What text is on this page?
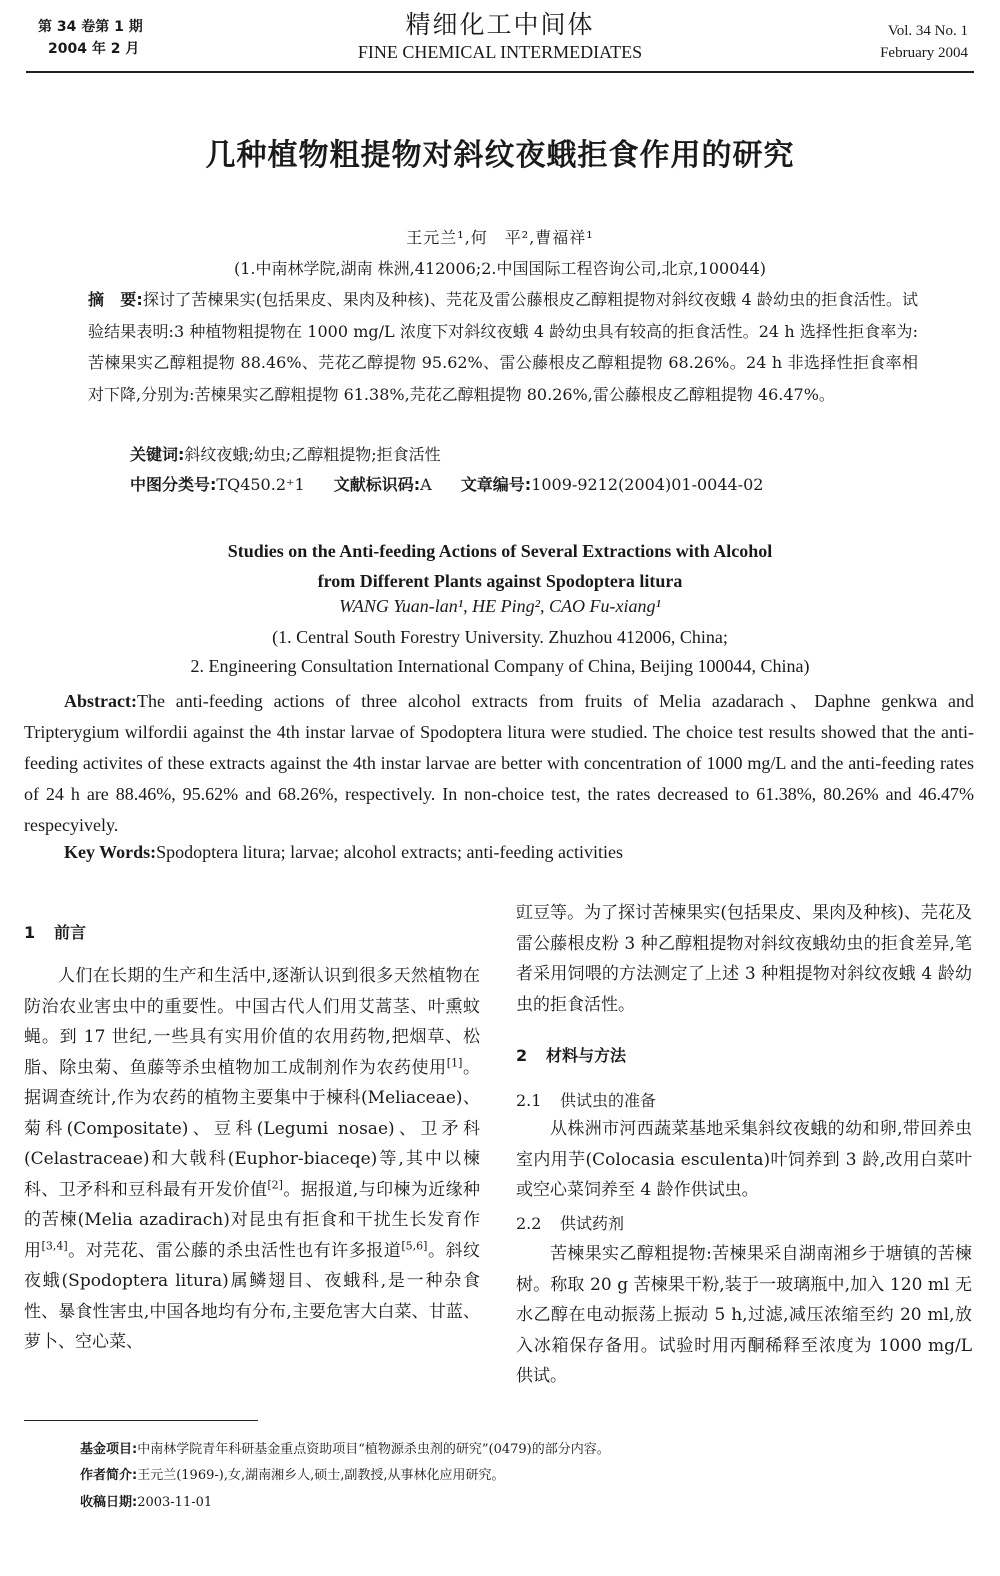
第 34 卷第 1 期
2004 年 2 月
精细化工中间体
FINE CHEMICAL INTERMEDIATES
Vol. 34 No. 1
February 2004
几种植物粗提物对斜纹夜蛾拒食作用的研究
王元兰¹,何　平²,曹福祥¹
(1.中南林学院,湖南 株洲,412006;2.中国国际工程咨询公司,北京,100044)
摘　要:探讨了苦楝果实(包括果皮、果肉及种核)、芫花及雷公藤根皮乙醇粗提物对斜纹夜蛾 4 龄幼虫的拒食活性。试验结果表明:3 种植物粗提物在 1000 mg/L 浓度下对斜纹夜蛾 4 龄幼虫具有较高的拒食活性。24 h 选择性拒食率为:苦楝果实乙醇粗提物 88.46%、芫花乙醇提物 95.62%、雷公藤根皮乙醇粗提物 68.26%。24 h 非选择性拒食率相对下降,分别为:苦楝果实乙醇粗提物 61.38%,芫花乙醇粗提物 80.26%,雷公藤根皮乙醇粗提物 46.47%。
关键词:斜纹夜蛾;幼虫;乙醇粗提物;拒食活性
中图分类号:TQ450.2⁺1 文献标识码:A 文章编号:1009-9212(2004)01-0044-02
Studies on the Anti-feeding Actions of Several Extractions with Alcohol
from Different Plants against Spodoptera litura
WANG Yuan-lan¹, HE Ping², CAO Fu-xiang¹
(1. Central South Forestry University. Zhuzhou 412006, China;
2. Engineering Consultation International Company of China, Beijing 100044, China)
Abstract:The anti-feeding actions of three alcohol extracts from fruits of Melia azadarach、Daphne genkwa and Tripterygium wilfordii against the 4th instar larvae of Spodoptera litura were studied. The choice test results showed that the anti-feeding activites of these extracts against the 4th instar larvae are better with concentration of 1000 mg/L and the anti-feeding rates of 24 h are 88.46%, 95.62% and 68.26%, respectively. In non-choice test, the rates decreased to 61.38%, 80.26% and 46.47% respecyively.
Key Words:Spodoptera litura; larvae; alcohol extracts; anti-feeding activities
1 前言
人们在长期的生产和生活中,逐渐认识到很多天然植物在防治农业害虫中的重要性。中国古代人们用艾蒿茎、叶熏蚊蝇。到 17 世纪,一些具有实用价值的农用药物,把烟草、松脂、除虫菊、鱼藤等杀虫植物加工成制剂作为农药使用[1]。据调查统计,作为农药的植物主要集中于楝科(Meliaceae)、菊科(Compositate)、豆科(Legumi nosae)、卫矛科(Celastraceae)和大戟科(Euphor-biaceqe)等,其中以楝科、卫矛科和豆科最有开发价值[2]。据报道,与印楝为近缘种的苦楝(Melia azadirach)对昆虫有拒食和干扰生长发育作用[3,4]。对芫花、雷公藤的杀虫活性也有许多报道[5,6]。斜纹夜蛾(Spodoptera litura)属鳞翅目、夜蛾科,是一种杂食性、暴食性害虫,中国各地均有分布,主要危害大白菜、甘蓝、萝卜、空心菜、
豇豆等。为了探讨苦楝果实(包括果皮、果肉及种核)、芫花及雷公藤根皮粉 3 种乙醇粗提物对斜纹夜蛾幼虫的拒食差异,笔者采用饲喂的方法测定了上述 3 种粗提物对斜纹夜蛾 4 龄幼虫的拒食活性。
2 材料与方法
2.1 供试虫的准备
从株洲市河西蔬菜基地采集斜纹夜蛾的幼和卵,带回养虫室内用芋(Colocasia esculenta)叶饲养到 3 龄,改用白菜叶或空心菜饲养至 4 龄作供试虫。
2.2 供试药剂
苦楝果实乙醇粗提物:苦楝果采自湖南湘乡于塘镇的苦楝树。称取 20 g 苦楝果干粉,装于一玻璃瓶中,加入 120 ml 无水乙醇在电动振荡上振动 5 h,过滤,减压浓缩至约 20 ml,放入冰箱保存备用。试验时用丙酮稀释至浓度为 1000 mg/L 供试。
基金项目:中南林学院青年科研基金重点资助项目“植物源杀虫剂的研究”(0479)的部分内容。
作者简介:王元兰(1969-),女,湖南湘乡人,硕士,副教授,从事林化应用研究。
收稿日期:2003-11-01
